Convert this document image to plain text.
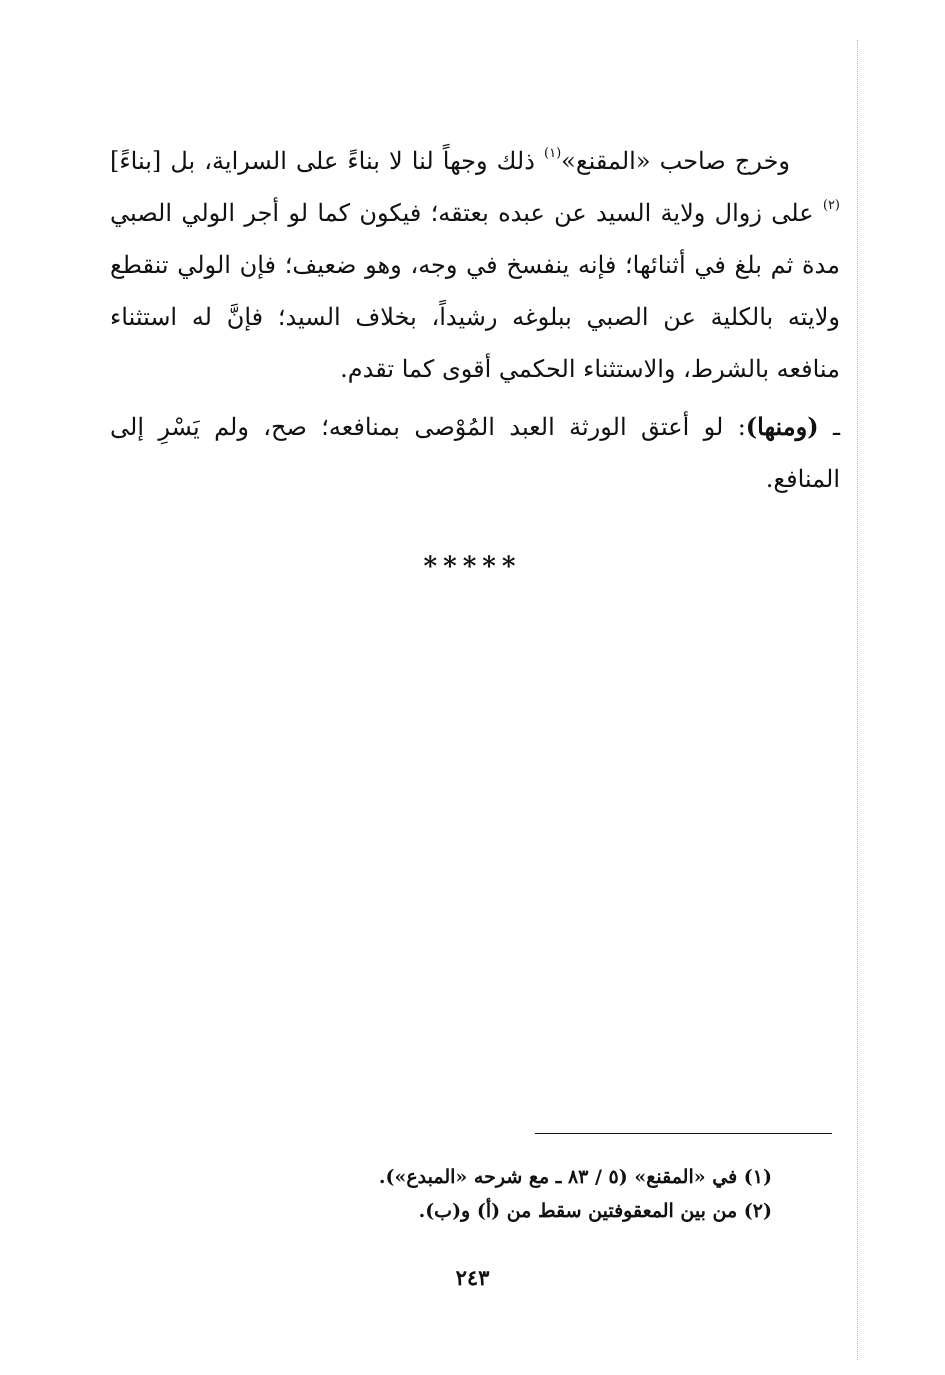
وخرج صاحب «المقنع»$^{(١)}$ ذلك وجهاً لنا لا بناءً على السراية، بل [بناءً]$^{(٢)}$ على زوال ولاية السيد عن عبده بعتقه؛ فيكون كما لو أجر الولي الصبي مدة ثم بلغ في أثنائها؛ فإنه ينفسخ في وجه، وهو ضعيف؛ فإن الولي تنقطع ولايته بالكلية عن الصبي ببلوغه رشيداً، بخلاف السيد؛ فإنَّ له استثناء منافعه بالشرط، والاستثناء الحكمي أقوى كما تقدم.

ـ (ومنها): لو أعتق الورثة العبد المُوْصى بمنافعه؛ صح، ولم يَسْرِ إلى المنافع.

*****

(١) في «المقنع» (٥ / ٨٣ ـ مع شرحه «المبدع»).

(٢) من بين المعقوفتين سقط من (أ) و(ب).

٢٤٣
